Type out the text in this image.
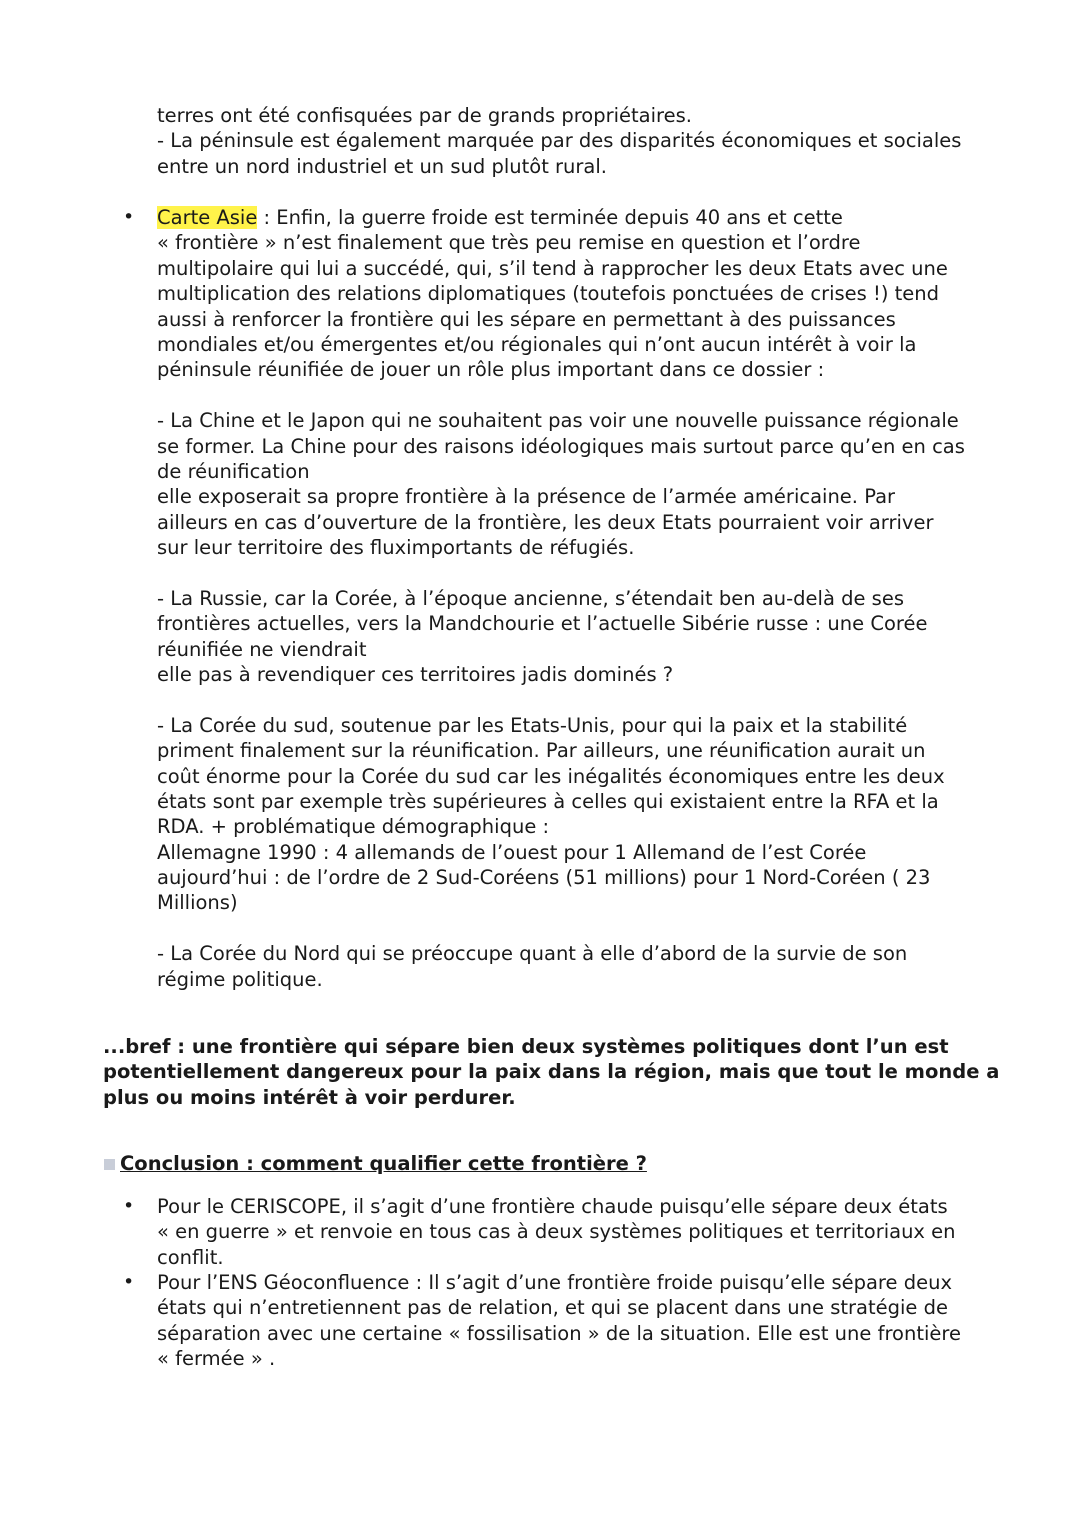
terres ont été confisquées par de grands propriétaires.
- La péninsule est également marquée par des disparités économiques et sociales
entre un nord industriel et un sud plutôt rural.
• Carte Asie : Enfin, la guerre froide est terminée depuis 40 ans et cette
« frontière » n’est finalement que très peu remise en question et l’ordre
multipolaire qui lui a succédé, qui, s’il tend à rapprocher les deux Etats avec une
multiplication des relations diplomatiques (toutefois ponctuées de crises !) tend
aussi à renforcer la frontière qui les sépare en permettant à des puissances
mondiales et/ou émergentes et/ou régionales qui n’ont aucun intérêt à voir la
péninsule réunifiée de jouer un rôle plus important dans ce dossier :
- La Chine et le Japon qui ne souhaitent pas voir une nouvelle puissance régionale
se former. La Chine pour des raisons idéologiques mais surtout parce qu’en en cas
de réunification
elle exposerait sa propre frontière à la présence de l’armée américaine. Par
ailleurs en cas d’ouverture de la frontière, les deux Etats pourraient voir arriver
sur leur territoire des fluximportants de réfugiés.
- La Russie, car la Corée, à l’époque ancienne, s’étendait ben au-delà de ses
frontières actuelles, vers la Mandchourie et l’actuelle Sibérie russe : une Corée
réunifiée ne viendrait
elle pas à revendiquer ces territoires jadis dominés ?
- La Corée du sud, soutenue par les Etats-Unis, pour qui la paix et la stabilité
priment finalement sur la réunification. Par ailleurs, une réunification aurait un
coût énorme pour la Corée du sud car les inégalités économiques entre les deux
états sont par exemple très supérieures à celles qui existaient entre la RFA et la
RDA. + problématique démographique :
Allemagne 1990 : 4 allemands de l’ouest pour 1 Allemand de l’est Corée
aujourd’hui : de l’ordre de 2 Sud-Coréens (51 millions) pour 1 Nord-Coréen ( 23
Millions)
- La Corée du Nord qui se préoccupe quant à elle d’abord de la survie de son
régime politique.
...bref : une frontière qui sépare bien deux systèmes politiques dont l’un est
potentiellement dangereux pour la paix dans la région, mais que tout le monde a
plus ou moins intérêt à voir perdurer.
Conclusion : comment qualifier cette frontière ?
• Pour le CERISCOPE, il s’agit d’une frontière chaude puisqu’elle sépare deux états
« en guerre » et renvoie en tous cas à deux systèmes politiques et territoriaux en
conflit.
• Pour l’ENS Géoconfluence : Il s’agit d’une frontière froide puisqu’elle sépare deux
états qui n’entretiennent pas de relation, et qui se placent dans une stratégie de
séparation avec une certaine « fossilisation » de la situation. Elle est une frontière
« fermée » .
